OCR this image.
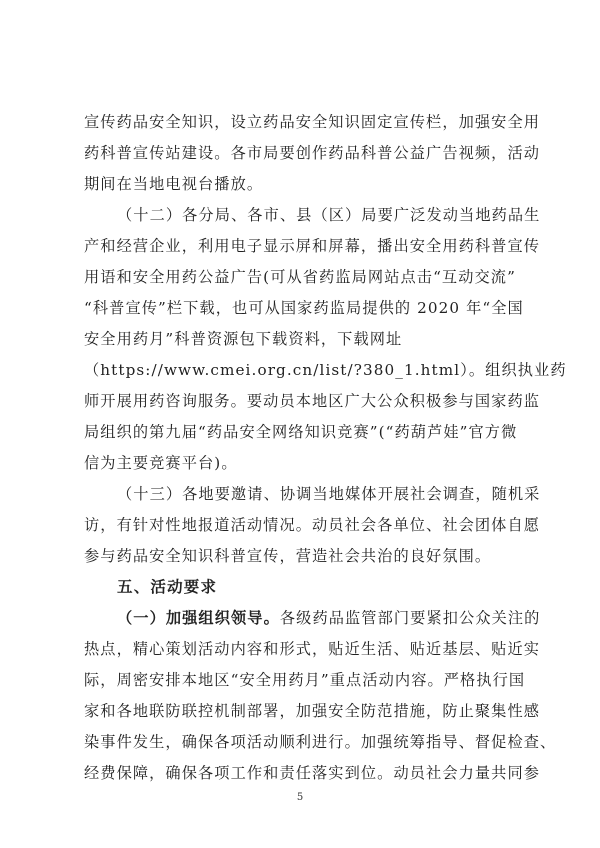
宣传药品安全知识，设立药品安全知识固定宣传栏，加强安全用
药科普宣传站建设。各市局要创作药品科普公益广告视频，活动
期间在当地电视台播放。
（十二）各分局、各市、县（区）局要广泛发动当地药品生
产和经营企业，利用电子显示屏和屏幕，播出安全用药科普宣传
用语和安全用药公益广告(可从省药监局网站点击“互动交流”
“科普宣传”栏下载，也可从国家药监局提供的 2020 年“全国
安全用药月”科普资源包下载资料，下载网址
（https://www.cmei.org.cn/list/?380_1.html）。组织执业药
师开展用药咨询服务。要动员本地区广大公众积极参与国家药监
局组织的第九届“药品安全网络知识竞赛”(“药葫芦娃”官方微
信为主要竞赛平台)。
（十三）各地要邀请、协调当地媒体开展社会调查，随机采
访，有针对性地报道活动情况。动员社会各单位、社会团体自愿
参与药品安全知识科普宣传，营造社会共治的良好氛围。
五、活动要求
（一）加强组织领导。各级药品监管部门要紧扣公众关注的
热点，精心策划活动内容和形式，贴近生活、贴近基层、贴近实
际，周密安排本地区“安全用药月”重点活动内容。严格执行国
家和各地联防联控机制部署，加强安全防范措施，防止聚集性感
染事件发生，确保各项活动顺利进行。加强统筹指导、督促检查、
经费保障，确保各项工作和责任落实到位。动员社会力量共同参
5
